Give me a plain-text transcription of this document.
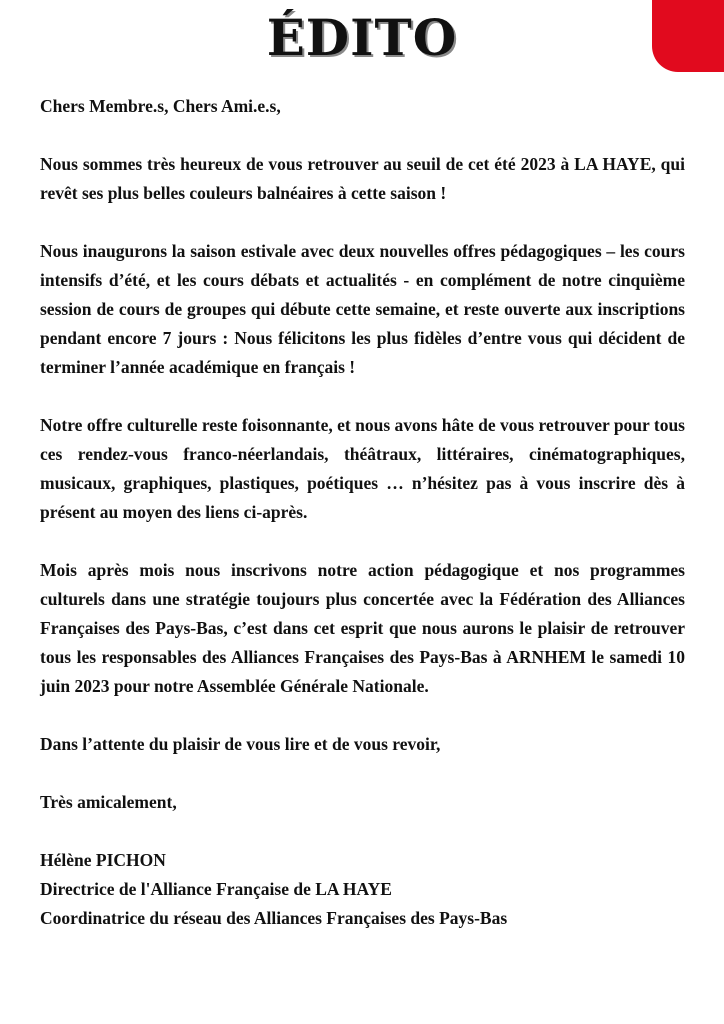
ÉDITO

Chers Membre.s, Chers Ami.e.s,

Nous sommes très heureux de vous retrouver au seuil de cet été 2023 à LA HAYE, qui revêt ses plus belles couleurs balnéaires à cette saison !

Nous inaugurons la saison estivale avec deux nouvelles offres pédagogiques – les cours intensifs d’été, et les cours débats et actualités - en complément de notre cinquième session de cours de groupes qui débute cette semaine, et reste ouverte aux inscriptions pendant encore 7 jours : Nous félicitons les plus fidèles d’entre vous qui décident de terminer l’année académique en français !

Notre offre culturelle reste foisonnante, et nous avons hâte de vous retrouver pour tous ces rendez-vous franco-néerlandais, théâtraux, littéraires, cinématographiques, musicaux, graphiques, plastiques, poétiques … n’hésitez pas à vous inscrire dès à présent au moyen des liens ci-après.

Mois après mois nous inscrivons notre action pédagogique et nos programmes culturels dans une stratégie toujours plus concertée avec la Fédération des Alliances Françaises des Pays-Bas, c’est dans cet esprit que nous aurons le plaisir de retrouver tous les responsables des Alliances Françaises des Pays-Bas à ARNHEM le samedi 10 juin 2023 pour notre Assemblée Générale Nationale.

Dans l’attente du plaisir de vous lire et de vous revoir,

Très amicalement,

Hélène PICHON
Directrice de l'Alliance Française de LA HAYE
Coordinatrice du réseau des Alliances Françaises des Pays-Bas
